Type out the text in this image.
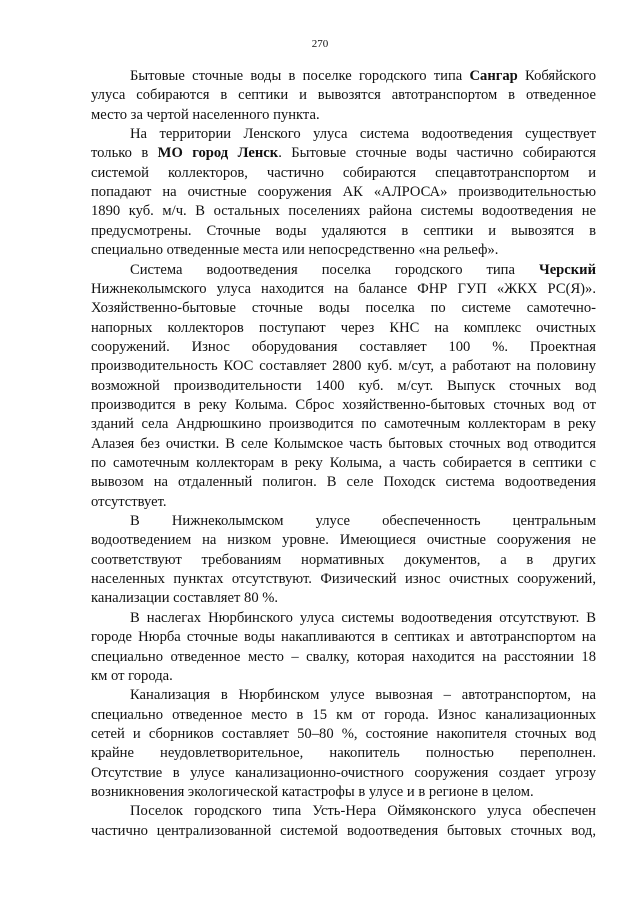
270
Бытовые сточные воды в поселке городского типа Сангар Кобяйского
улуса собираются в септики и вывозятся автотранспортом в отведенное
место за чертой населенного пункта.
На территории Ленского улуса система водоотведения существует
только в МО город Ленск. Бытовые сточные воды частично собираются
системой коллекторов, частично собираются спецавтотранспортом и
попадают на очистные сооружения АК «АЛРОСА» производительностью
1890 куб. м/ч. В остальных поселениях района системы водоотведения не
предусмотрены. Сточные воды удаляются в септики и вывозятся в
специально отведенные места или непосредственно «на рельеф».
Система водоотведения поселка городского типа Черский
Нижнеколымского улуса находится на балансе ФНР ГУП «ЖКХ РС(Я)».
Хозяйственно-бытовые сточные воды поселка по системе самотечно-
напорных коллекторов поступают через КНС на комплекс очистных
сооружений. Износ оборудования составляет 100 %. Проектная
производительность КОС составляет 2800 куб. м/сут, а работают на половину
возможной производительности 1400 куб. м/сут. Выпуск сточных вод
производится в реку Колыма. Сброс хозяйственно-бытовых сточных вод от
зданий села Андрюшкино производится по самотечным коллекторам в реку
Алазея без очистки. В селе Колымское часть бытовых сточных вод отводится
по самотечным коллекторам в реку Колыма, а часть собирается в септики с
вывозом на отдаленный полигон. В селе Походск система водоотведения
отсутствует.
В Нижнеколымском улусе обеспеченность центральным
водоотведением на низком уровне. Имеющиеся очистные сооружения не
соответствуют требованиям нормативных документов, а в других
населенных пунктах отсутствуют. Физический износ очистных сооружений,
канализации составляет 80 %.
В наслегах Нюрбинского улуса системы водоотведения отсутствуют. В
городе Нюрба сточные воды накапливаются в септиках и автотранспортом на
специально отведенное место – свалку, которая находится на расстоянии 18
км от города.
Канализация в Нюрбинском улусе вывозная – автотранспортом, на
специально отведенное место в 15 км от города. Износ канализационных
сетей и сборников составляет 50–80 %, состояние накопителя сточных вод
крайне неудовлетворительное, накопитель полностью переполнен.
Отсутствие в улусе канализационно-очистного сооружения создает угрозу
возникновения экологической катастрофы в улусе и в регионе в целом.
Поселок городского типа Усть-Нера Оймяконского улуса обеспечен
частично централизованной системой водоотведения бытовых сточных вод,
